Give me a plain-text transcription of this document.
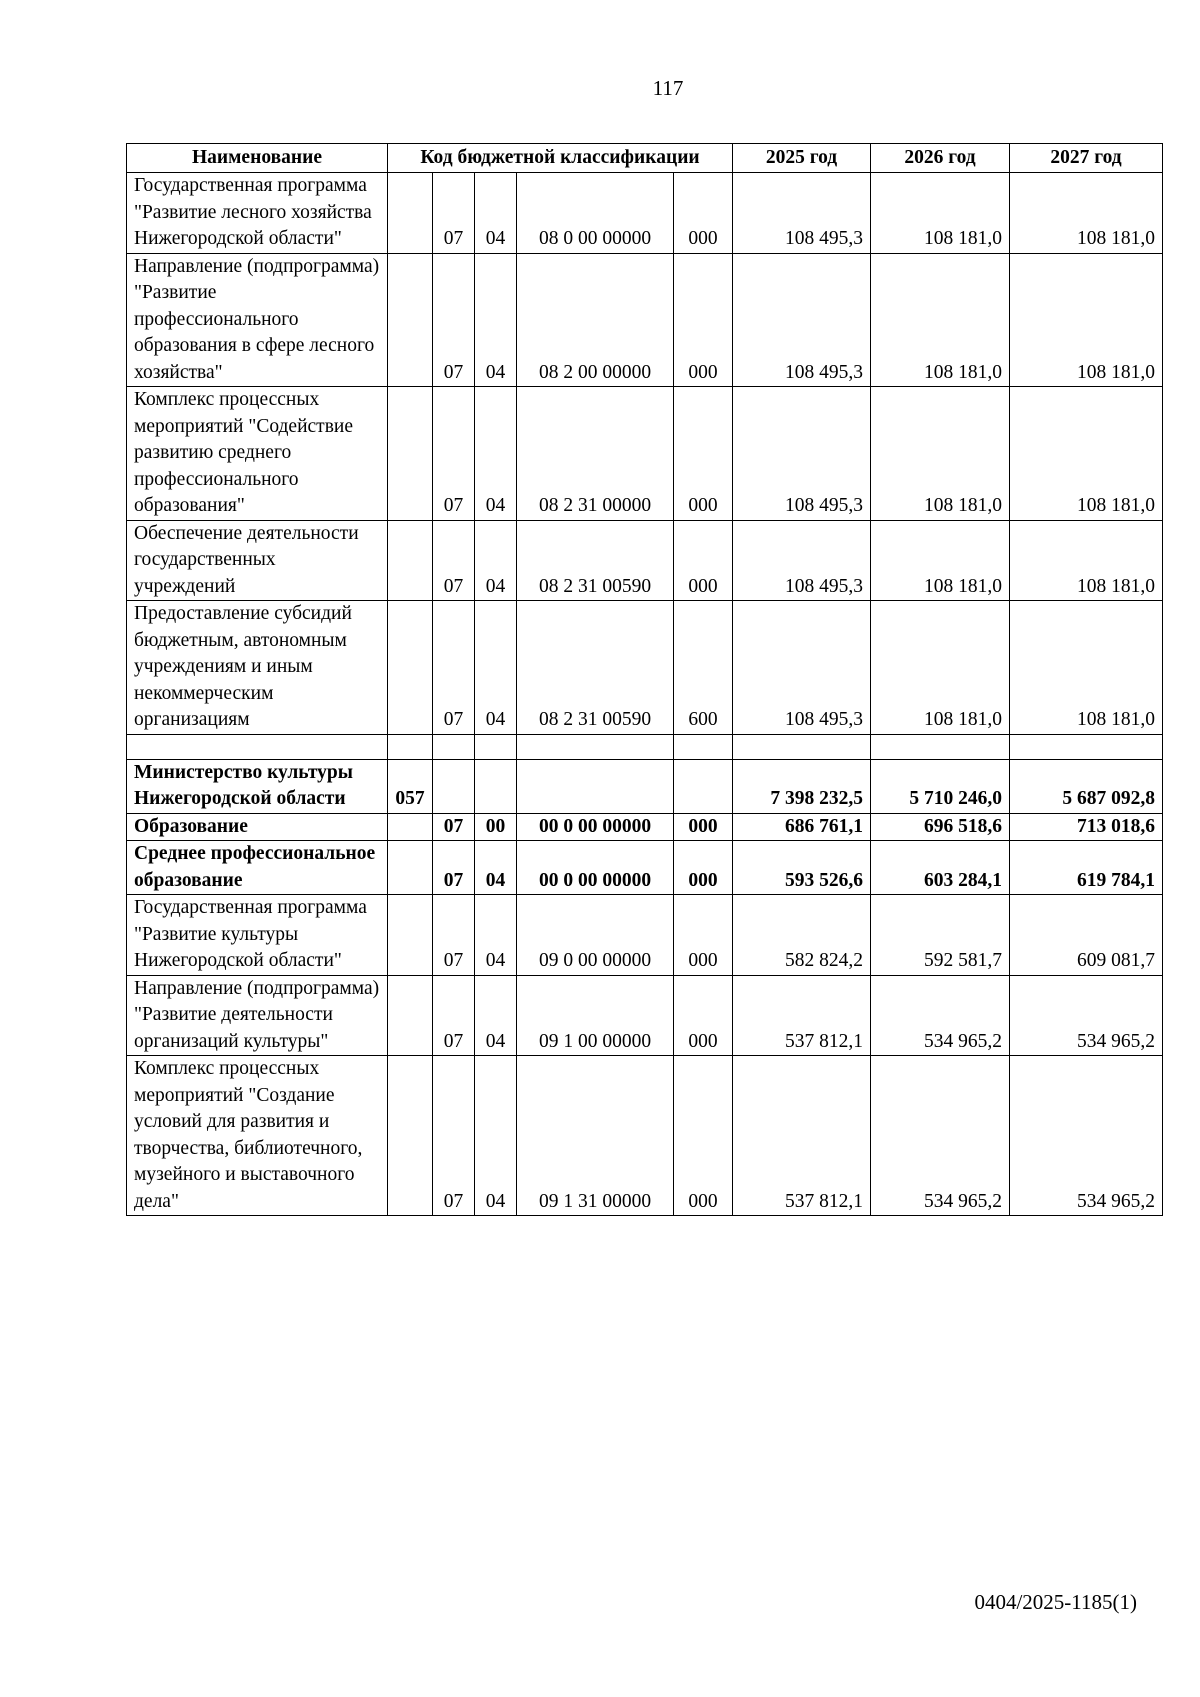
117
Наименование	Код бюджетной классификации					2025 год	2026 год	2027 год
Государственная программа "Развитие лесного хозяйства Нижегородской области"		07	04	08 0 00 00000	000	108 495,3	108 181,0	108 181,0
Направление (подпрограмма) "Развитие профессионального образования в сфере лесного хозяйства"		07	04	08 2 00 00000	000	108 495,3	108 181,0	108 181,0
Комплекс процессных мероприятий "Содействие развитию среднего профессионального образования"		07	04	08 2 31 00000	000	108 495,3	108 181,0	108 181,0
Обеспечение деятельности государственных учреждений		07	04	08 2 31 00590	000	108 495,3	108 181,0	108 181,0
Предоставление субсидий бюджетным, автономным учреждениям и иным некоммерческим организациям		07	04	08 2 31 00590	600	108 495,3	108 181,0	108 181,0

Министерство культуры Нижегородской области	057					7 398 232,5	5 710 246,0	5 687 092,8
Образование		07	00	00 0 00 00000	000	686 761,1	696 518,6	713 018,6
Среднее профессиональное образование		07	04	00 0 00 00000	000	593 526,6	603 284,1	619 784,1
Государственная программа "Развитие культуры Нижегородской области"		07	04	09 0 00 00000	000	582 824,2	592 581,7	609 081,7
Направление (подпрограмма) "Развитие деятельности организаций культуры"		07	04	09 1 00 00000	000	537 812,1	534 965,2	534 965,2
Комплекс процессных мероприятий "Создание условий для развития и творчества, библиотечного, музейного и выставочного дела"		07	04	09 1 31 00000	000	537 812,1	534 965,2	534 965,2
0404/2025-1185(1)
